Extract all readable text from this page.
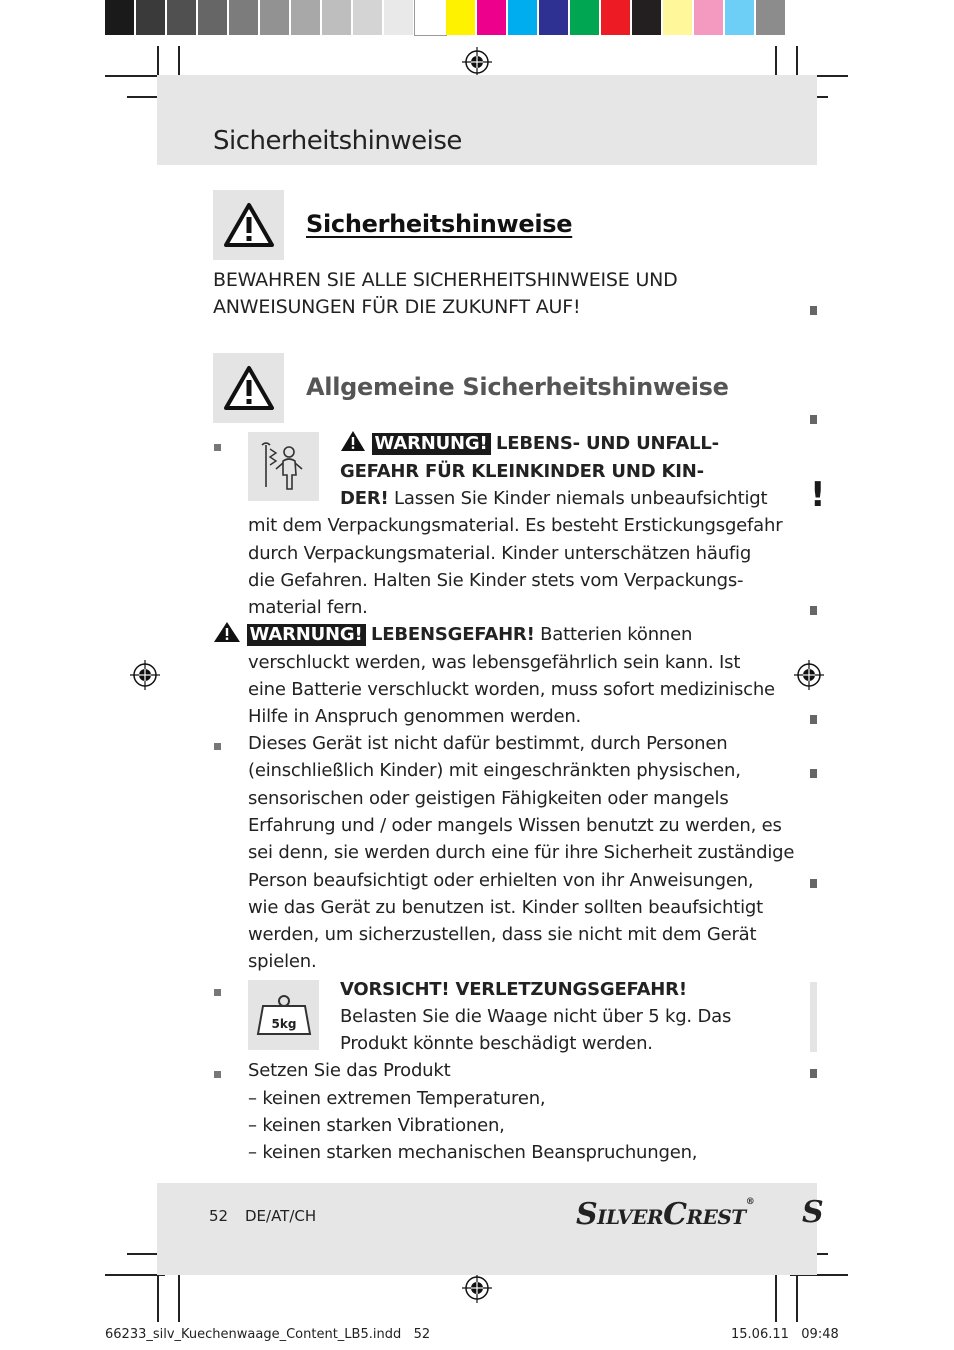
Sicherheitshinweise
Sicherheitshinweise
BEWAHREN SIE ALLE SICHERHEITSHINWEISE UND
ANWEISUNGEN FÜR DIE ZUKUNFT AUF!
Allgemeine Sicherheitshinweise
WARNUNG! LEBENS- UND UNFALL-
GEFAHR FÜR KLEINKINDER UND KIN-
DER! Lassen Sie Kinder niemals unbeaufsichtigt
mit dem Verpackungsmaterial. Es besteht Erstickungsgefahr
durch Verpackungsmaterial. Kinder unterschätzen häufig
die Gefahren. Halten Sie Kinder stets vom Verpackungs-
material fern.
WARNUNG! LEBENSGEFAHR! Batterien können
verschluckt werden, was lebensgefährlich sein kann. Ist
eine Batterie verschluckt worden, muss sofort medizinische
Hilfe in Anspruch genommen werden.
Dieses Gerät ist nicht dafür bestimmt, durch Personen
(einschließlich Kinder) mit eingeschränkten physischen,
sensorischen oder geistigen Fähigkeiten oder mangels
Erfahrung und / oder mangels Wissen benutzt zu werden, es
sei denn, sie werden durch eine für ihre Sicherheit zuständige
Person beaufsichtigt oder erhielten von ihr Anweisungen,
wie das Gerät zu benutzen ist. Kinder sollten beaufsichtigt
werden, um sicherzustellen, dass sie nicht mit dem Gerät
spielen.
5kg
VORSICHT! VERLETZUNGSGEFAHR!
Belasten Sie die Waage nicht über 5 kg. Das
Produkt könnte beschädigt werden.
Setzen Sie das Produkt
– keinen extremen Temperaturen,
– keinen starken Vibrationen,
– keinen starken mechanischen Beanspruchungen,
!
52 DE/AT/CH	SILVERCREST® S
66233_silv_Kuechenwaage_Content_LB5.indd   52	15.06.11   09:48
